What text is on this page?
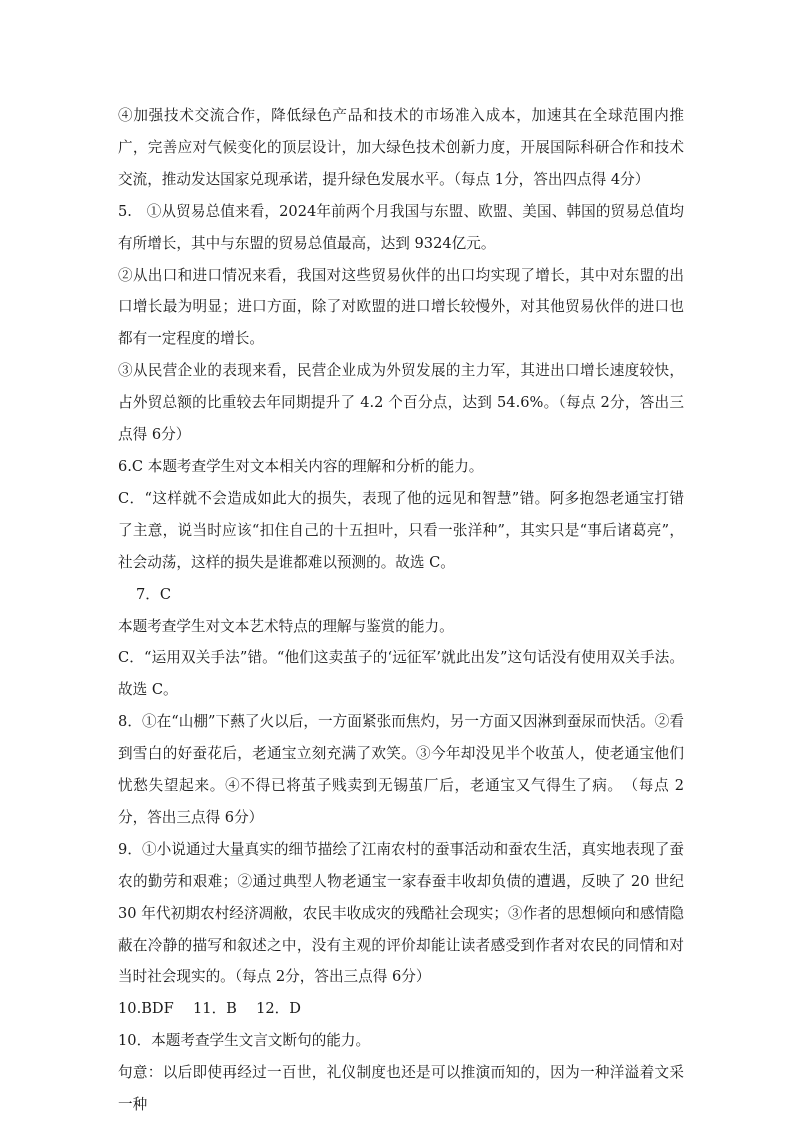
④加强技术交流合作，降低绿色产品和技术的市场准入成本，加速其在全球范围内推广，完善应对气候变化的顶层设计，加大绿色技术创新力度，开展国际科研合作和技术交流，推动发达国家兑现承诺，提升绿色发展水平。（每点 1分，答出四点得 4分）

5.　①从贸易总值来看，2024年前两个月我国与东盟、欧盟、美国、韩国的贸易总值均有所增长，其中与东盟的贸易总值最高，达到 9324亿元。

②从出口和进口情况来看，我国对这些贸易伙伴的出口均实现了增长，其中对东盟的出口增长最为明显；进口方面，除了对欧盟的进口增长较慢外，对其他贸易伙伴的进口也都有一定程度的增长。

③从民营企业的表现来看，民营企业成为外贸发展的主力军，其进出口增长速度较快，占外贸总额的比重较去年同期提升了 4.2 个百分点，达到 54.6%。（每点 2分，答出三点得 6分）

6.C 本题考查学生对文本相关内容的理解和分析的能力。

C．“这样就不会造成如此大的损失，表现了他的远见和智慧”错。阿多抱怨老通宝打错了主意，说当时应该“扣住自己的十五担叶，只看一张洋种”，其实只是“事后诸葛亮”，社会动荡，这样的损失是谁都难以预测的。故选 C。

7．C

本题考查学生对文本艺术特点的理解与鉴赏的能力。

C．“运用双关手法”错。“他们这卖茧子的‘远征军’就此出发”这句话没有使用双关手法。故选 C。

8．①在“山棚”下爇了火以后，一方面紧张而焦灼，另一方面又因淋到蚕尿而快活。②看到雪白的好蚕花后，老通宝立刻充满了欢笑。③今年却没见半个收茧人，使老通宝他们忧愁失望起来。④不得已将茧子贱卖到无锡茧厂后，老通宝又气得生了病。　（每点 2分，答出三点得 6分）

9．①小说通过大量真实的细节描绘了江南农村的蚕事活动和蚕农生活，真实地表现了蚕农的勤劳和艰难；②通过典型人物老通宝一家春蚕丰收却负债的遭遇，反映了 20 世纪 30 年代初期农村经济凋敝，农民丰收成灾的残酷社会现实；③作者的思想倾向和感情隐蔽在冷静的描写和叙述之中，没有主观的评价却能让读者感受到作者对农民的同情和对当时社会现实的。（每点 2分，答出三点得 6分）

10.BDF　 11．B　 12．D

10．本题考查学生文言文断句的能力。

句意：以后即使再经过一百世，礼仪制度也还是可以推演而知的，因为一种洋溢着文采一种
